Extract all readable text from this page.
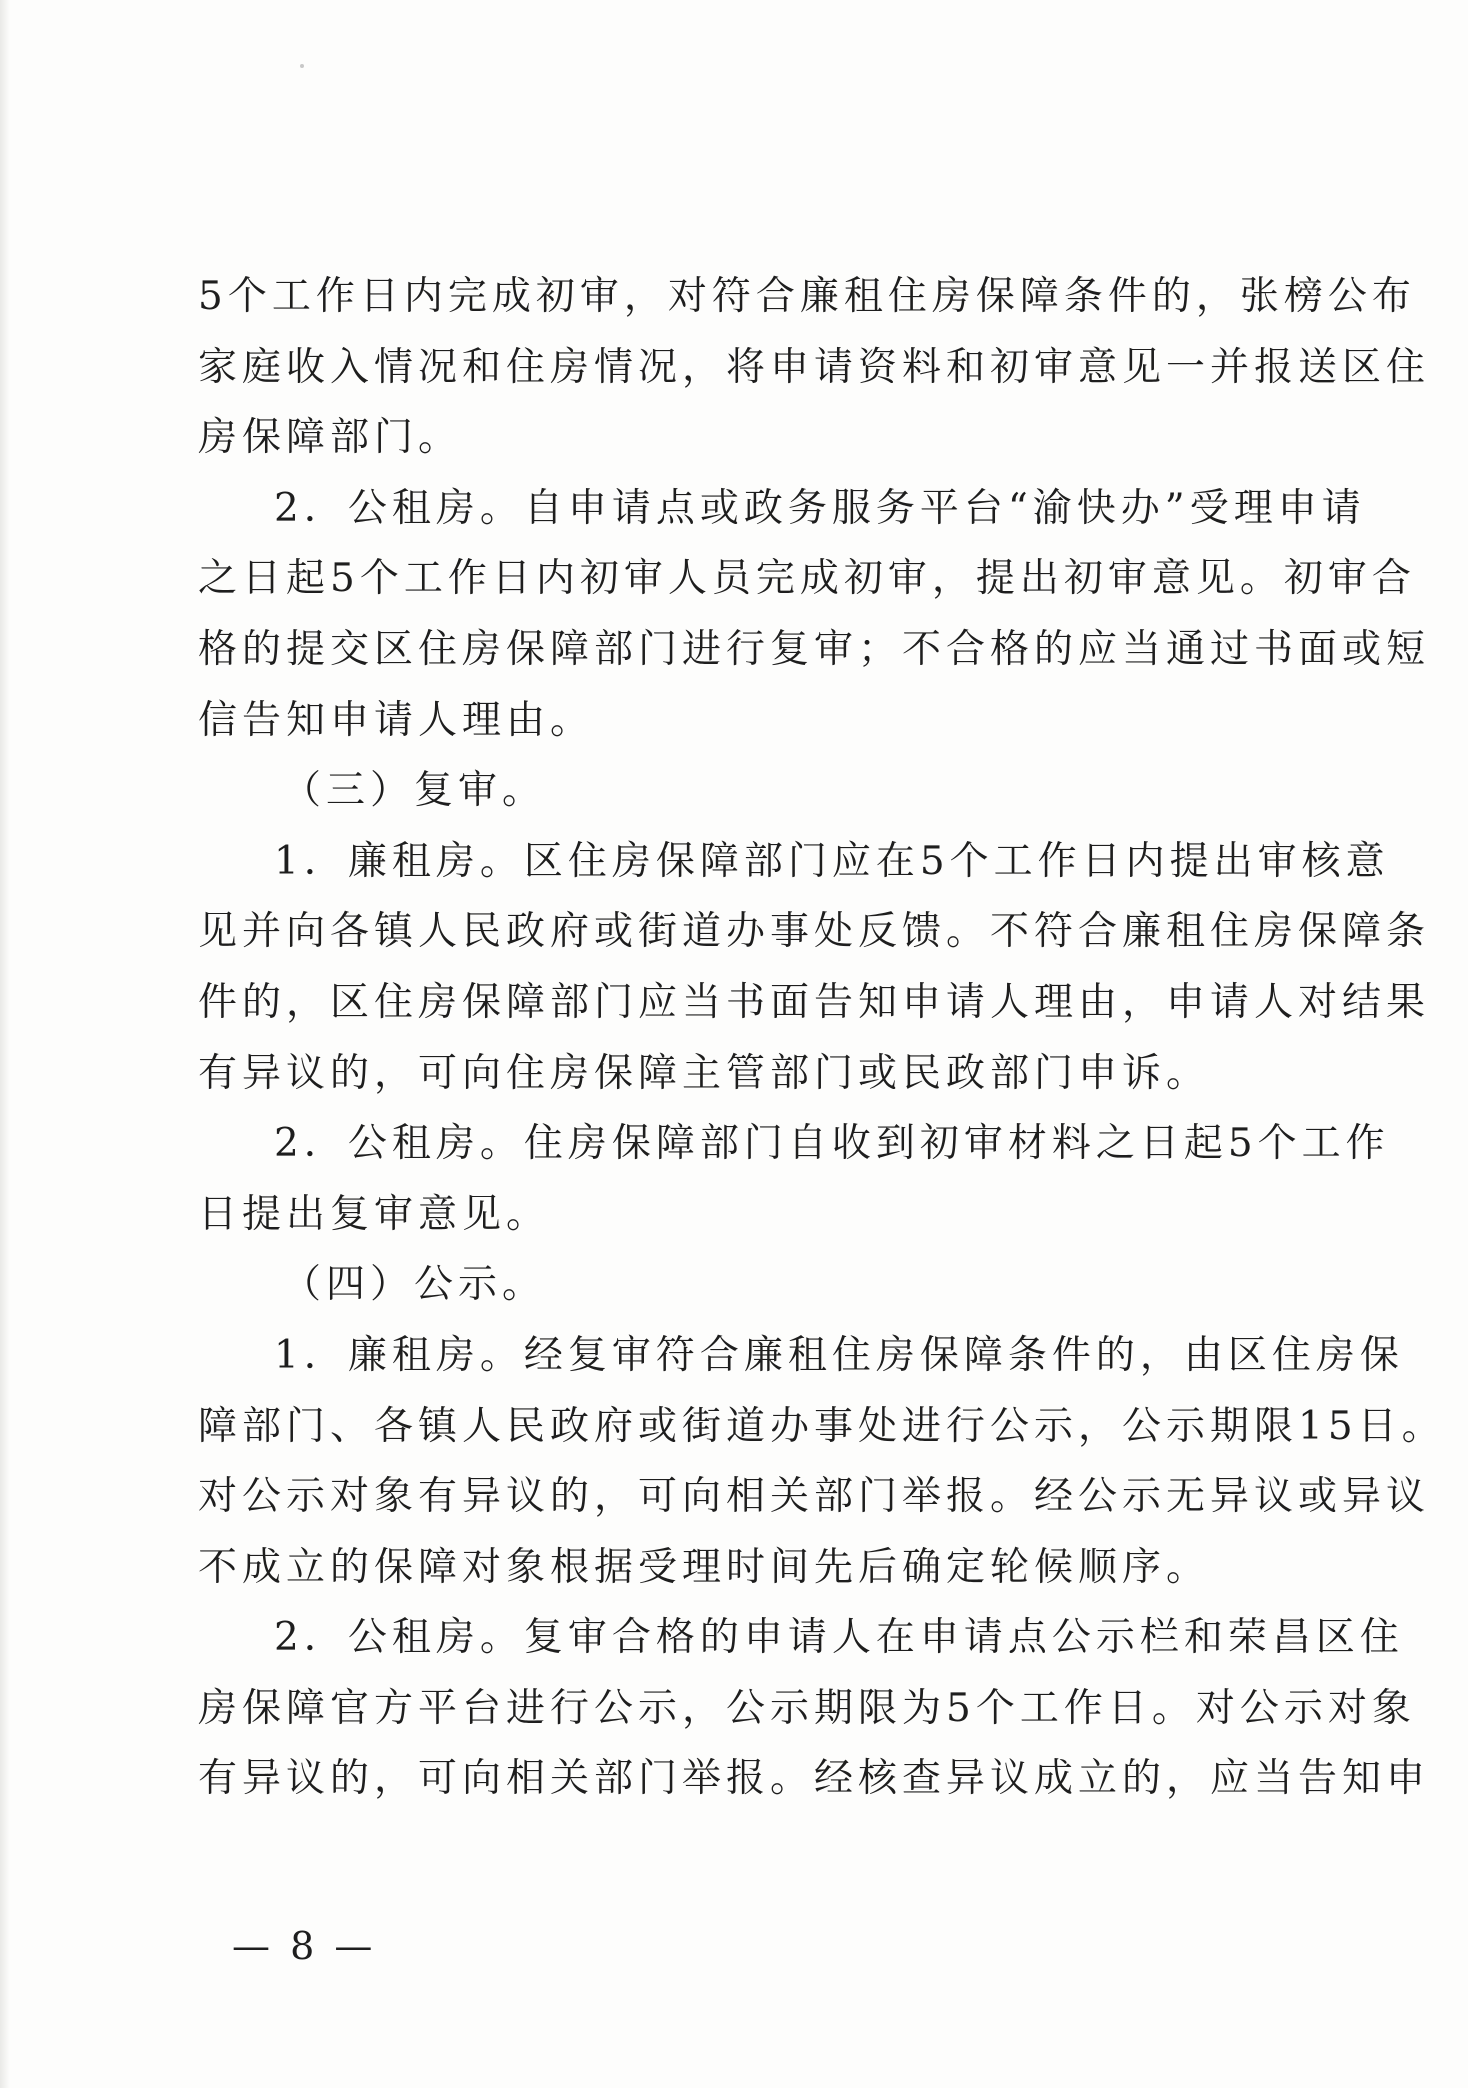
5个工作日内完成初审，对符合廉租住房保障条件的，张榜公布
家庭收入情况和住房情况，将申请资料和初审意见一并报送区住
房保障部门。
2．公租房。自申请点或政务服务平台“渝快办”受理申请
之日起5个工作日内初审人员完成初审，提出初审意见。初审合
格的提交区住房保障部门进行复审；不合格的应当通过书面或短
信告知申请人理由。
（三）复审。
1．廉租房。区住房保障部门应在5个工作日内提出审核意
见并向各镇人民政府或街道办事处反馈。不符合廉租住房保障条
件的，区住房保障部门应当书面告知申请人理由，申请人对结果
有异议的，可向住房保障主管部门或民政部门申诉。
2．公租房。住房保障部门自收到初审材料之日起5个工作
日提出复审意见。
（四）公示。
1．廉租房。经复审符合廉租住房保障条件的，由区住房保
障部门、各镇人民政府或街道办事处进行公示，公示期限15日。
对公示对象有异议的，可向相关部门举报。经公示无异议或异议
不成立的保障对象根据受理时间先后确定轮候顺序。
2．公租房。复审合格的申请人在申请点公示栏和荣昌区住
房保障官方平台进行公示，公示期限为5个工作日。对公示对象
有异议的，可向相关部门举报。经核查异议成立的，应当告知申
— 8 —
